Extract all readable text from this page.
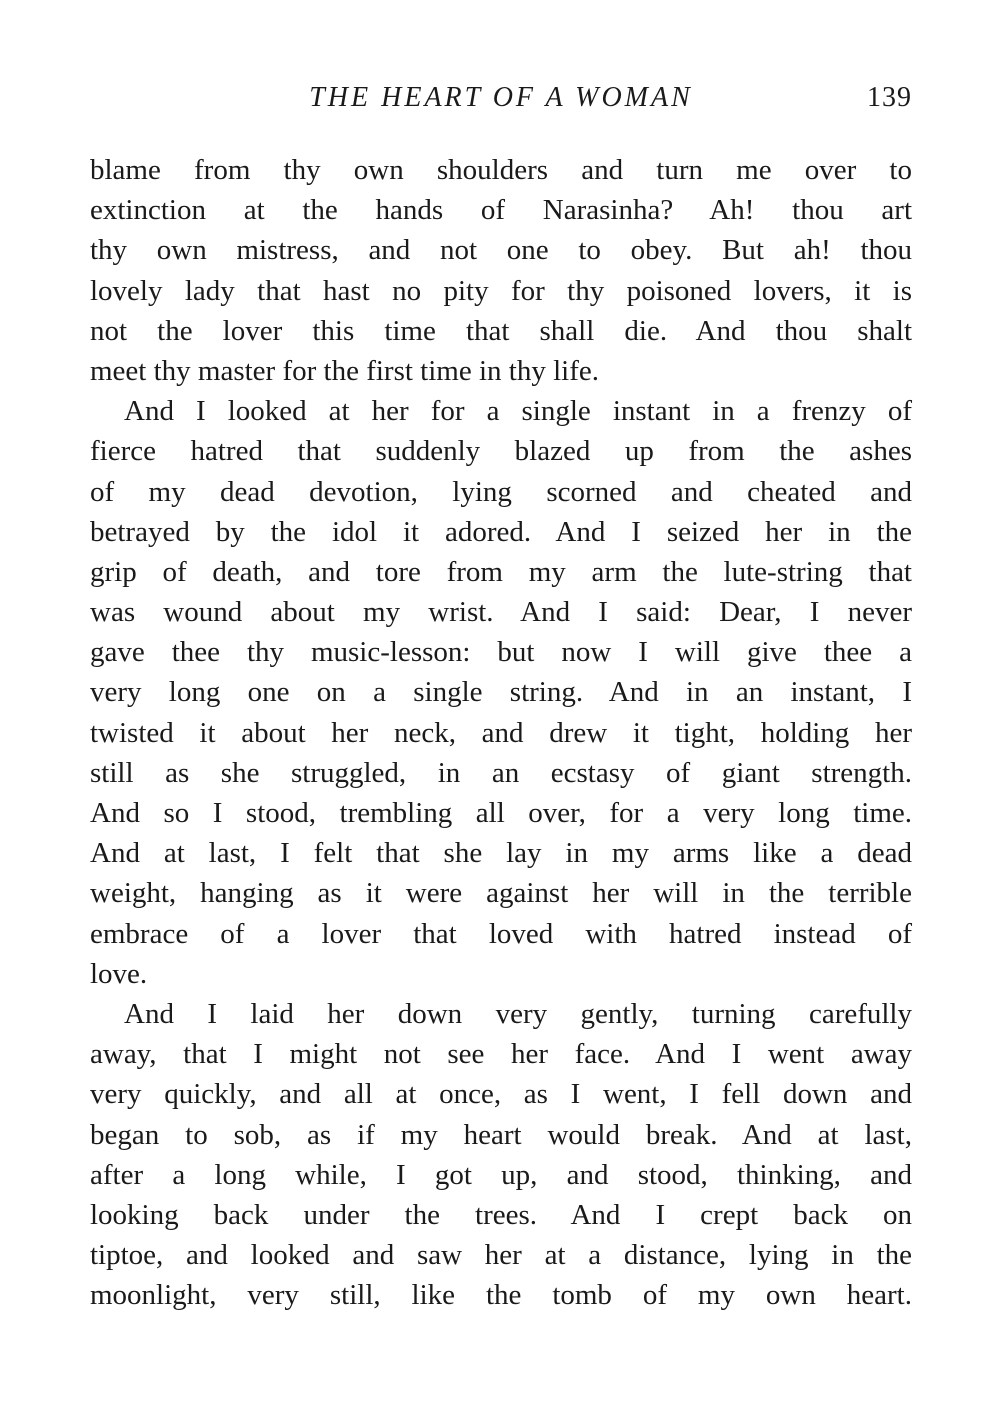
THE HEART OF A WOMAN	139

blame from thy own shoulders and turn me over to
extinction at the hands of Narasinha? Ah! thou art
thy own mistress, and not one to obey. But ah! thou
lovely lady that hast no pity for thy poisoned lovers, it is
not the lover this time that shall die. And thou shalt
meet thy master for the first time in thy life.

And I looked at her for a single instant in a frenzy of
fierce hatred that suddenly blazed up from the ashes
of my dead devotion, lying scorned and cheated and
betrayed by the idol it adored. And I seized her in the
grip of death, and tore from my arm the lute-string that
was wound about my wrist. And I said: Dear, I never
gave thee thy music-lesson: but now I will give thee a
very long one on a single string. And in an instant, I
twisted it about her neck, and drew it tight, holding her
still as she struggled, in an ecstasy of giant strength.
And so I stood, trembling all over, for a very long time.
And at last, I felt that she lay in my arms like a dead
weight, hanging as it were against her will in the terrible
embrace of a lover that loved with hatred instead of
love.

And I laid her down very gently, turning carefully
away, that I might not see her face. And I went away
very quickly, and all at once, as I went, I fell down and
began to sob, as if my heart would break. And at last,
after a long while, I got up, and stood, thinking, and
looking back under the trees. And I crept back on
tiptoe, and looked and saw her at a distance, lying in the
moonlight, very still, like the tomb of my own heart.
